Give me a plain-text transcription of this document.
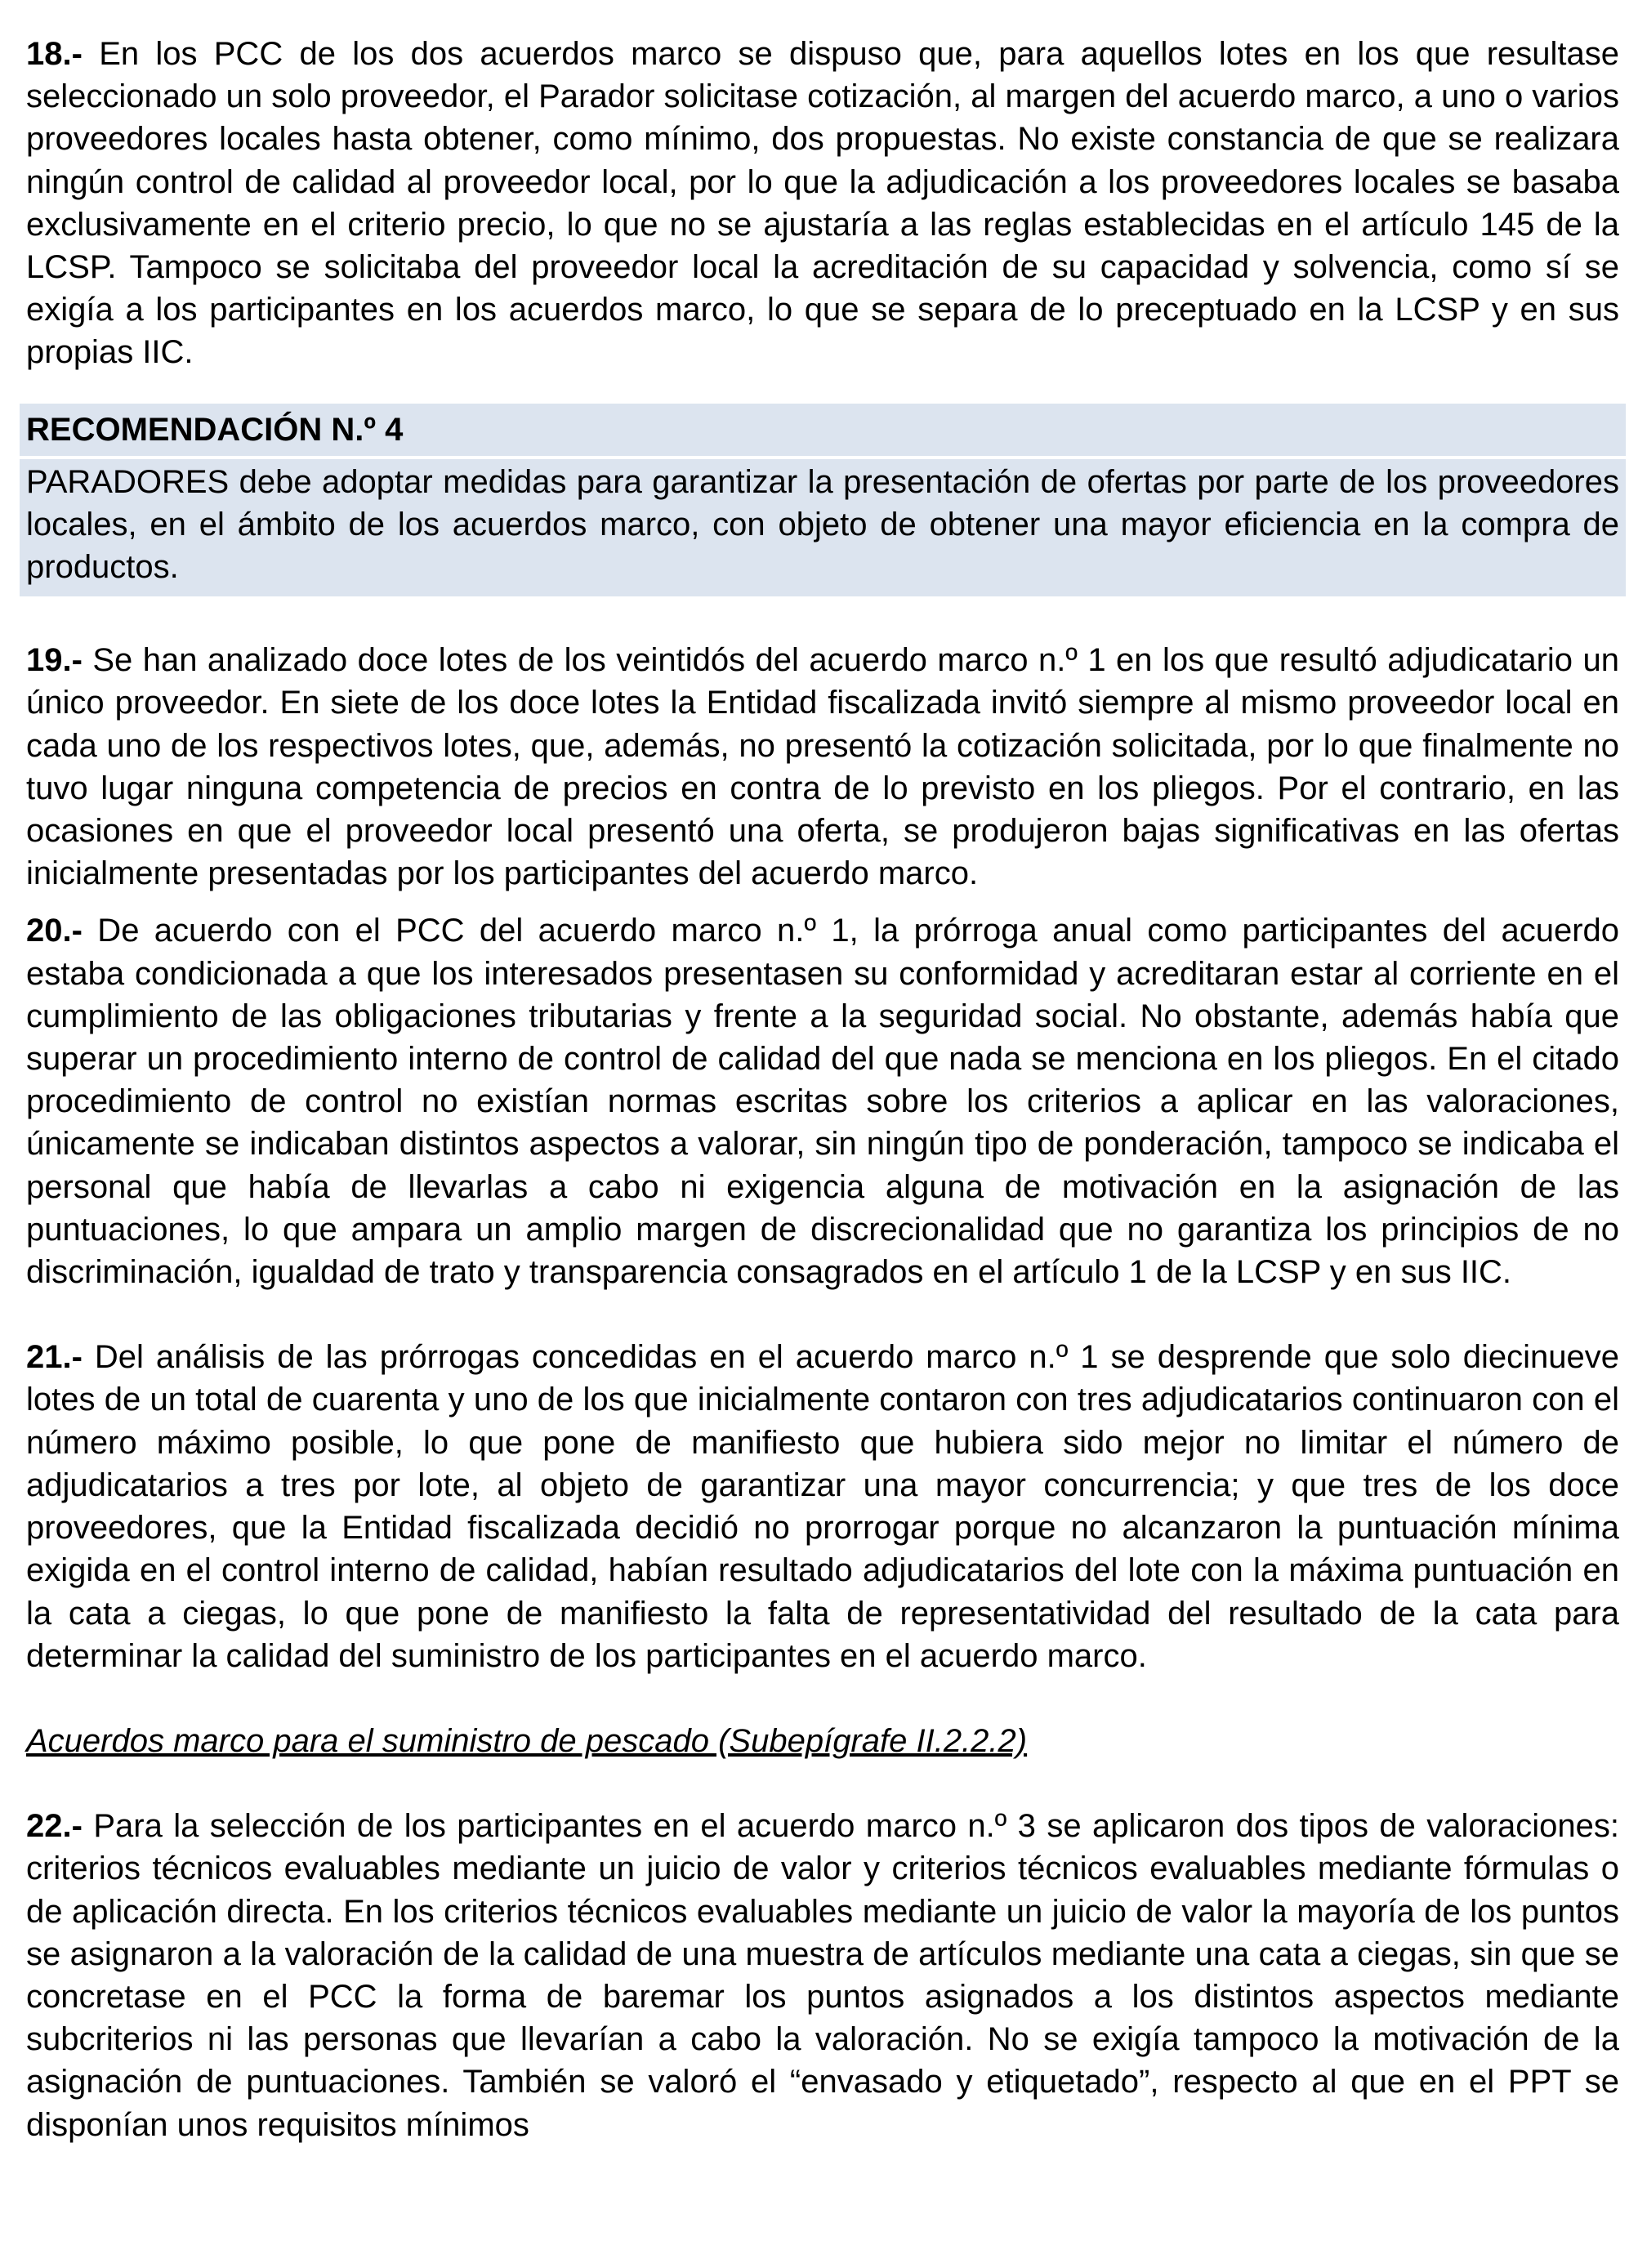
18.- En los PCC de los dos acuerdos marco se dispuso que, para aquellos lotes en los que resultase seleccionado un solo proveedor, el Parador solicitase cotización, al margen del acuerdo marco, a uno o varios proveedores locales hasta obtener, como mínimo, dos propuestas. No existe constancia de que se realizara ningún control de calidad al proveedor local, por lo que la adjudicación a los proveedores locales se basaba exclusivamente en el criterio precio, lo que no se ajustaría a las reglas establecidas en el artículo 145 de la LCSP. Tampoco se solicitaba del proveedor local la acreditación de su capacidad y solvencia, como sí se exigía a los participantes en los acuerdos marco, lo que se separa de lo preceptuado en la LCSP y en sus propias IIC.

RECOMENDACIÓN N.º 4

PARADORES debe adoptar medidas para garantizar la presentación de ofertas por parte de los proveedores locales, en el ámbito de los acuerdos marco, con objeto de obtener una mayor eficiencia en la compra de productos.

19.- Se han analizado doce lotes de los veintidós del acuerdo marco n.º 1 en los que resultó adjudicatario un único proveedor. En siete de los doce lotes la Entidad fiscalizada invitó siempre al mismo proveedor local en cada uno de los respectivos lotes, que, además, no presentó la cotización solicitada, por lo que finalmente no tuvo lugar ninguna competencia de precios en contra de lo previsto en los pliegos. Por el contrario, en las ocasiones en que el proveedor local presentó una oferta, se produjeron bajas significativas en las ofertas inicialmente presentadas por los participantes del acuerdo marco.

20.- De acuerdo con el PCC del acuerdo marco n.º 1, la prórroga anual como participantes del acuerdo estaba condicionada a que los interesados presentasen su conformidad y acreditaran estar al corriente en el cumplimiento de las obligaciones tributarias y frente a la seguridad social. No obstante, además había que superar un procedimiento interno de control de calidad del que nada se menciona en los pliegos. En el citado procedimiento de control no existían normas escritas sobre los criterios a aplicar en las valoraciones, únicamente se indicaban distintos aspectos a valorar, sin ningún tipo de ponderación, tampoco se indicaba el personal que había de llevarlas a cabo ni exigencia alguna de motivación en la asignación de las puntuaciones, lo que ampara un amplio margen de discrecionalidad que no garantiza los principios de no discriminación, igualdad de trato y transparencia consagrados en el artículo 1 de la LCSP y en sus IIC.

21.- Del análisis de las prórrogas concedidas en el acuerdo marco n.º 1 se desprende que solo diecinueve lotes de un total de cuarenta y uno de los que inicialmente contaron con tres adjudicatarios continuaron con el número máximo posible, lo que pone de manifiesto que hubiera sido mejor no limitar el número de adjudicatarios a tres por lote, al objeto de garantizar una mayor concurrencia; y que tres de los doce proveedores, que la Entidad fiscalizada decidió no prorrogar porque no alcanzaron la puntuación mínima exigida en el control interno de calidad, habían resultado adjudicatarios del lote con la máxima puntuación en la cata a ciegas, lo que pone de manifiesto la falta de representatividad del resultado de la cata para determinar la calidad del suministro de los participantes en el acuerdo marco.

Acuerdos marco para el suministro de pescado (Subepígrafe II.2.2.2)

22.- Para la selección de los participantes en el acuerdo marco n.º 3 se aplicaron dos tipos de valoraciones: criterios técnicos evaluables mediante un juicio de valor y criterios técnicos evaluables mediante fórmulas o de aplicación directa. En los criterios técnicos evaluables mediante un juicio de valor la mayoría de los puntos se asignaron a la valoración de la calidad de una muestra de artículos mediante una cata a ciegas, sin que se concretase en el PCC la forma de baremar los puntos asignados a los distintos aspectos mediante subcriterios ni las personas que llevarían a cabo la valoración. No se exigía tampoco la motivación de la asignación de puntuaciones. También se valoró el “envasado y etiquetado”, respecto al que en el PPT se disponían unos requisitos mínimos
